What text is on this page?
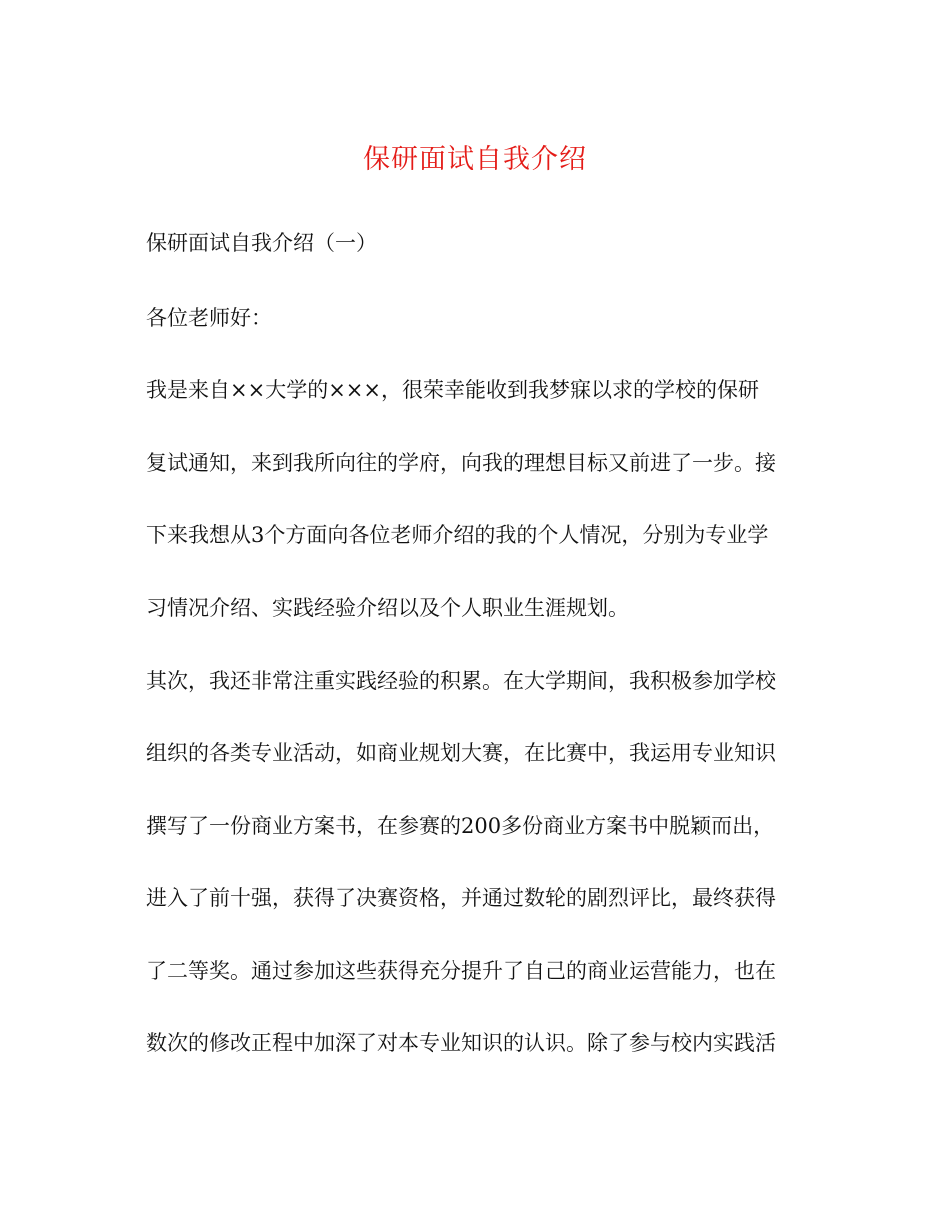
保研面试自我介绍
保研面试自我介绍（一）
各位老师好：
我是来自××大学的×××，很荣幸能收到我梦寐以求的学校的保研
复试通知，来到我所向往的学府，向我的理想目标又前进了一步。接
下来我想从3个方面向各位老师介绍的我的个人情况，分别为专业学
习情况介绍、实践经验介绍以及个人职业生涯规划。
其次，我还非常注重实践经验的积累。在大学期间，我积极参加学校
组织的各类专业活动，如商业规划大赛，在比赛中，我运用专业知识
撰写了一份商业方案书，在参赛的200多份商业方案书中脱颖而出，
进入了前十强，获得了决赛资格，并通过数轮的剧烈评比，最终获得
了二等奖。通过参加这些获得充分提升了自己的商业运营能力，也在
数次的修改正程中加深了对本专业知识的认识。除了参与校内实践活
